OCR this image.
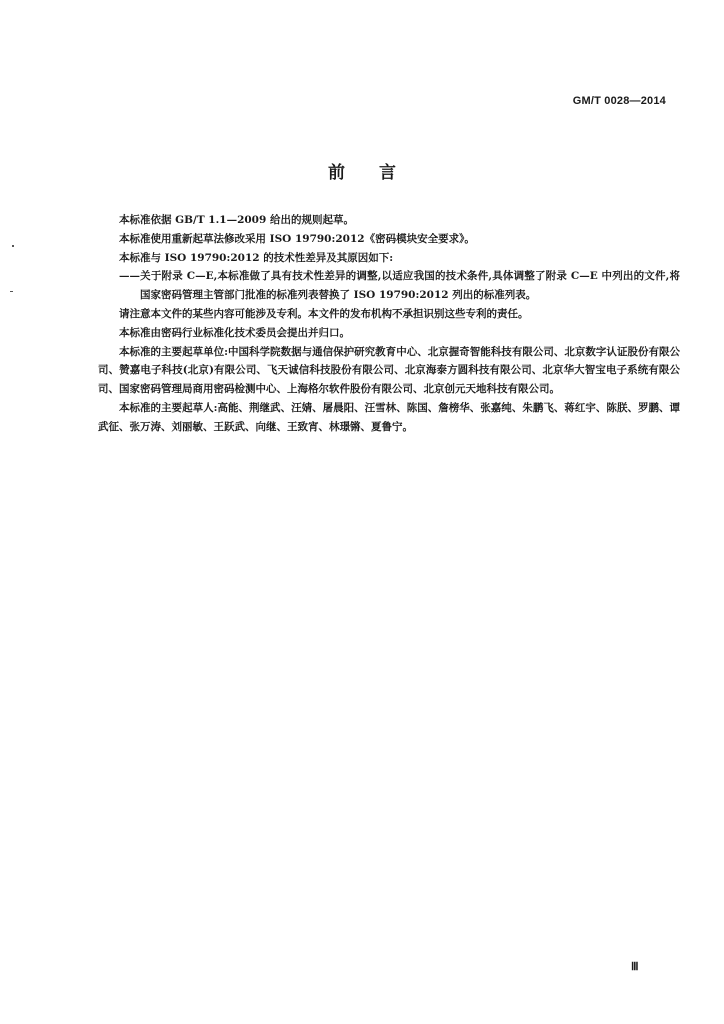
GM/T 0028—2014
前言

本标准依据 GB/T 1.1—2009 给出的规则起草。

本标准使用重新起草法修改采用 ISO 19790:2012《密码模块安全要求》。

本标准与 ISO 19790:2012 的技术性差异及其原因如下:

——关于附录 C—E,本标准做了具有技术性差异的调整,以适应我国的技术条件,具体调整了附录 C—E 中列出的文件,将国家密码管理主管部门批准的标准列表替换了 ISO 19790:2012 列出的标准列表。

请注意本文件的某些内容可能涉及专利。本文件的发布机构不承担识别这些专利的责任。

本标准由密码行业标准化技术委员会提出并归口。

本标准的主要起草单位:中国科学院数据与通信保护研究教育中心、北京握奇智能科技有限公司、北京数字认证股份有限公司、赞嘉电子科技(北京)有限公司、飞天诚信科技股份有限公司、北京海泰方圆科技有限公司、北京华大智宝电子系统有限公司、国家密码管理局商用密码检测中心、上海格尔软件股份有限公司、北京创元天地科技有限公司。

本标准的主要起草人:高能、荆继武、汪婧、屠晨阳、汪雪林、陈国、詹榜华、张嘉纯、朱鹏飞、蒋红宇、陈朕、罗鹏、谭武征、张万涛、刘丽敏、王跃武、向继、王致宵、林璟锵、夏鲁宁。

Ⅲ
